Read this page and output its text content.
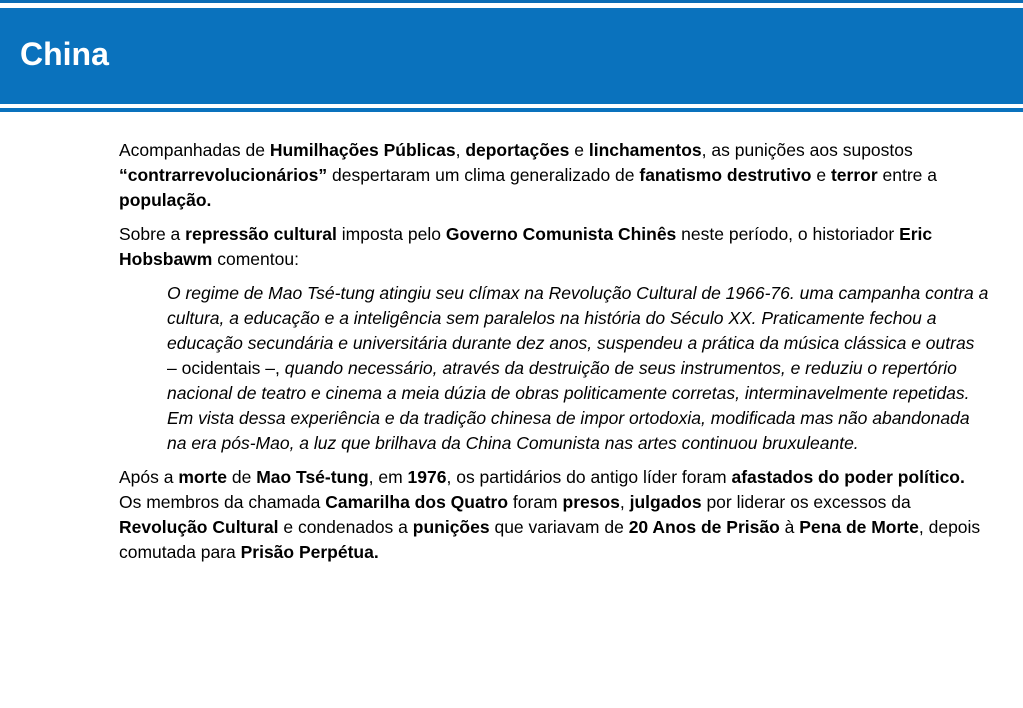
China

Acompanhadas de Humilhações Públicas, deportações e linchamentos, as punições aos supostos “contrarrevolucionários” despertaram um clima generalizado de fanatismo destrutivo e terror entre a população.

Sobre a repressão cultural imposta pelo Governo Comunista Chinês neste período, o historiador Eric Hobsbawm comentou:

O regime de Mao Tsé-tung atingiu seu clímax na Revolução Cultural de 1966-76. uma campanha contra a cultura, a educação e a inteligência sem paralelos na história do Século XX. Praticamente fechou a educação secundária e universitária durante dez anos, suspendeu a prática da música clássica e outras – ocidentais –, quando necessário, através da destruição de seus instrumentos, e reduziu o repertório nacional de teatro e cinema a meia dúzia de obras politicamente corretas, interminavelmente repetidas. Em vista dessa experiência e da tradição chinesa de impor ortodoxia, modificada mas não abandonada na era pós-Mao, a luz que brilhava da China Comunista nas artes continuou bruxuleante.

Após a morte de Mao Tsé-tung, em 1976, os partidários do antigo líder foram afastados do poder político. Os membros da chamada Camarilha dos Quatro foram presos, julgados por liderar os excessos da Revolução Cultural e condenados a punições que variavam de 20 Anos de Prisão à Pena de Morte, depois comutada para Prisão Perpétua.
